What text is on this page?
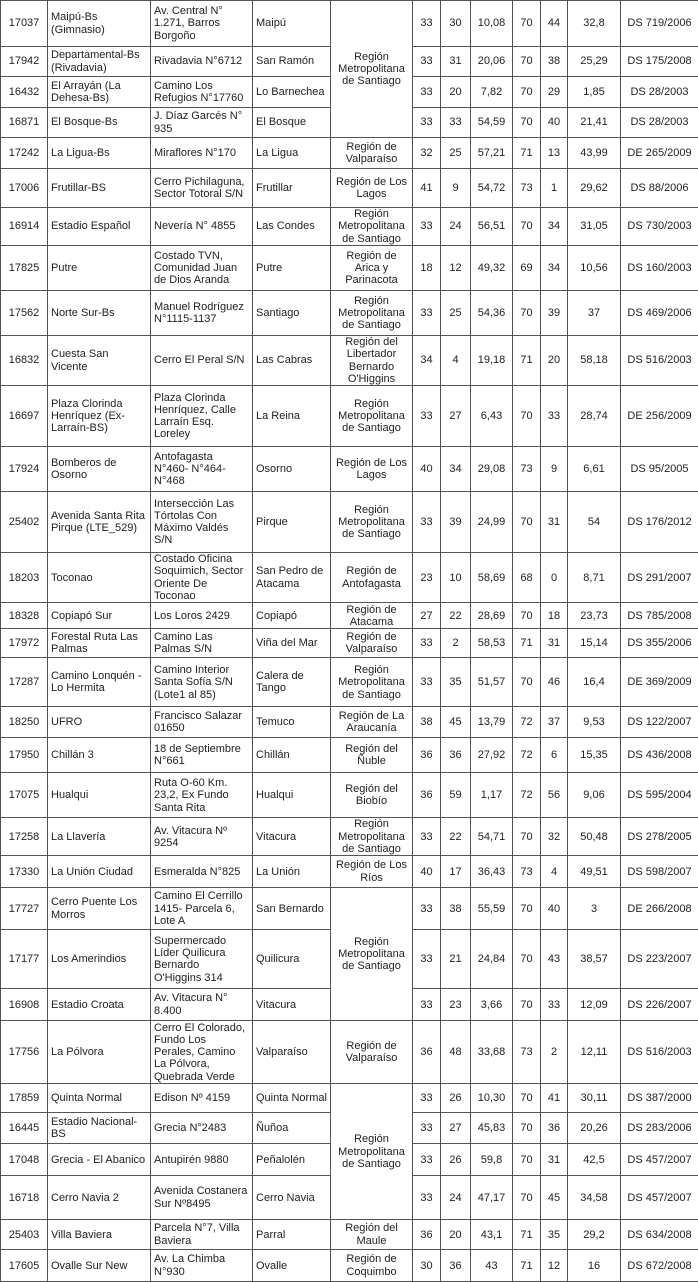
17037	Maipú-Bs (Gimnasio)	Av. Central N° 1.271, Barros Borgoño	Maipú	Región Metropolitana de Santiago	33	30	10,08	70	44	32,8	DS 719/2006
17942	Departamental-Bs (Rivadavia)	Rivadavia N°6712	San Ramón		33	31	20,06	70	38	25,29	DS 175/2008
16432	El Arrayán (La Dehesa-Bs)	Camino Los Refugios N°17760	Lo Barnechea		33	20	7,82	70	29	1,85	DS 28/2003
16871	El Bosque-Bs	J. Díaz Garcés N° 935	El Bosque		33	33	54,59	70	40	21,41	DS 28/2003
17242	La Ligua-Bs	Miraflores N°170	La Ligua	Región de Valparaíso	32	25	57,21	71	13	43,99	DE 265/2009
17006	Frutillar-BS	Cerro Pichilaguna, Sector Totoral S/N	Frutillar	Región de Los Lagos	41	9	54,72	73	1	29,62	DS 88/2006
16914	Estadio Español	Nevería N° 4855	Las Condes	Región Metropolitana de Santiago	33	24	56,51	70	34	31,05	DS 730/2003
17825	Putre	Costado TVN, Comunidad Juan de Dios Aranda	Putre	Región de Arica y Parinacota	18	12	49,32	69	34	10,56	DS 160/2003
17562	Norte Sur-Bs	Manuel Rodríguez N°1115-1137	Santiago	Región Metropolitana de Santiago	33	25	54,36	70	39	37	DS 469/2006
16832	Cuesta San Vicente	Cerro El Peral S/N	Las Cabras	Región del Libertador Bernardo O'Higgins	34	4	19,18	71	20	58,18	DS 516/2003
16697	Plaza Clorinda Henríquez (Ex-Larraín-BS)	Plaza Clorinda Henríquez, Calle Larraín Esq. Loreley	La Reina	Región Metropolitana de Santiago	33	27	6,43	70	33	28,74	DE 256/2009
17924	Bomberos de Osorno	Antofagasta N°460- N°464- N°468	Osorno	Región de Los Lagos	40	34	29,08	73	9	6,61	DS 95/2005
25402	Avenida Santa Rita Pirque (LTE_529)	Intersección Las Tórtolas Con Máximo Valdés S/N	Pirque	Región Metropolitana de Santiago	33	39	24,99	70	31	54	DS 176/2012
18203	Toconao	Costado Oficina Soquimich, Sector Oriente De Toconao	San Pedro de Atacama	Región de Antofagasta	23	10	58,69	68	0	8,71	DS 291/2007
18328	Copiapó Sur	Los Loros 2429	Copiapó	Región de Atacama	27	22	28,69	70	18	23,73	DS 785/2008
17972	Forestal Ruta Las Palmas	Camino Las Palmas S/N	Viña del Mar	Región de Valparaíso	33	2	58,53	71	31	15,14	DS 355/2006
17287	Camino Lonquén - Lo Hermita	Camino Interior Santa Sofía S/N (Lote1 al 85)	Calera de Tango	Región Metropolitana de Santiago	33	35	51,57	70	46	16,4	DE 369/2009
18250	UFRO	Francisco Salazar 01650	Temuco	Región de La Araucanía	38	45	13,79	72	37	9,53	DS 122/2007
17950	Chillán 3	18 de Septiembre N°661	Chillán	Región del Ñuble	36	36	27,92	72	6	15,35	DS 436/2008
17075	Hualqui	Ruta O-60 Km. 23,2, Ex Fundo Santa Rita	Hualqui	Región del Biobío	36	59	1,17	72	56	9,06	DS 595/2004
17258	La Llavería	Av. Vitacura Nº 9254	Vitacura	Región Metropolitana de Santiago	33	22	54,71	70	32	50,48	DS 278/2005
17330	La Unión Ciudad	Esmeralda N°825	La Unión	Región de Los Ríos	40	17	36,43	73	4	49,51	DS 598/2007
17727	Cerro Puente Los Morros	Camino El Cerrillo 1415- Parcela 6, Lote A	San Bernardo	Región Metropolitana de Santiago	33	38	55,59	70	40	3	DE 266/2008
17177	Los Amerindios	Supermercado Líder Quilicura Bernardo O'Higgins 314	Quilicura		33	21	24,84	70	43	38,57	DS 223/2007
16908	Estadio Croata	Av. Vitacura N° 8.400	Vitacura		33	23	3,66	70	33	12,09	DS 226/2007
17756	La Pólvora	Cerro El Colorado, Fundo Los Perales, Camino La Pólvora, Quebrada Verde	Valparaíso	Región de Valparaíso	36	48	33,68	73	2	12,11	DS 516/2003
17859	Quinta Normal	Edison Nº 4159	Quinta Normal	Región Metropolitana de Santiago	33	26	10,30	70	41	30,11	DS 387/2000
16445	Estadio Nacional-BS	Grecia N°2483	Ñuñoa		33	27	45,83	70	36	20,26	DS 283/2006
17048	Grecia - El Abanico	Antupirén 9880	Peñalolén		33	26	59,8	70	31	42,5	DS 457/2007
16718	Cerro Navia 2	Avenida Costanera Sur Nº8495	Cerro Navia		33	24	47,17	70	45	34,58	DS 457/2007
25403	Villa Baviera	Parcela N°7, Villa Baviera	Parral	Región del Maule	36	20	43,1	71	35	29,2	DS 634/2008
17605	Ovalle Sur New	Av. La Chimba N°930	Ovalle	Región de Coquimbo	30	36	43	71	12	16	DS 672/2008
